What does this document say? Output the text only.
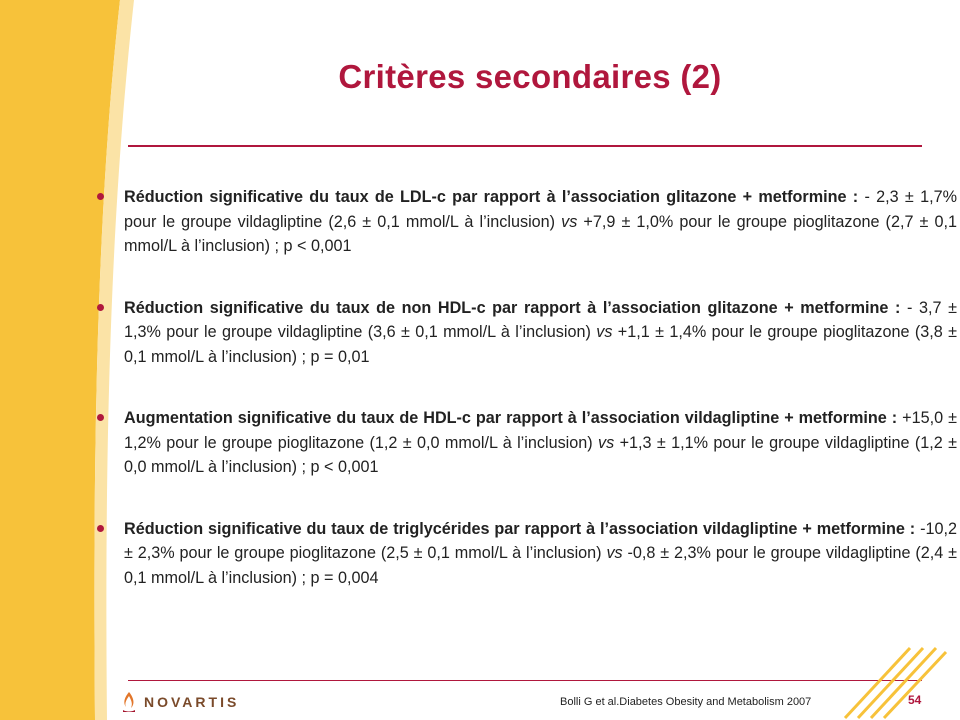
Critères secondaires (2)

Réduction significative du taux de LDL-c par rapport à l’association glitazone + metformine : - 2,3 ± 1,7% pour le groupe vildagliptine (2,6 ± 0,1 mmol/L à l’inclusion) vs +7,9 ± 1,0% pour le groupe pioglitazone (2,7 ± 0,1 mmol/L à l’inclusion) ; p < 0,001

Réduction significative du taux de non HDL-c par rapport à l’association glitazone + metformine : - 3,7 ± 1,3% pour le groupe vildagliptine (3,6 ± 0,1 mmol/L à l’inclusion) vs +1,1 ± 1,4% pour le groupe pioglitazone (3,8 ± 0,1 mmol/L à l’inclusion) ; p = 0,01

Augmentation significative du taux de HDL-c par rapport à l’association vildagliptine + metformine : +15,0 ± 1,2% pour le groupe pioglitazone (1,2 ± 0,0 mmol/L à l’inclusion) vs +1,3 ± 1,1% pour le groupe vildagliptine (1,2 ± 0,0 mmol/L à l’inclusion) ; p < 0,001

Réduction significative du taux de triglycérides par rapport à l’association vildagliptine + metformine : -10,2 ± 2,3% pour le groupe pioglitazone (2,5 ± 0,1 mmol/L à l’inclusion) vs -0,8 ± 2,3% pour le groupe vildagliptine (2,4 ± 0,1 mmol/L à l’inclusion) ; p = 0,004

NOVARTIS	Bolli G et al.Diabetes Obesity and Metabolism 2007	54
